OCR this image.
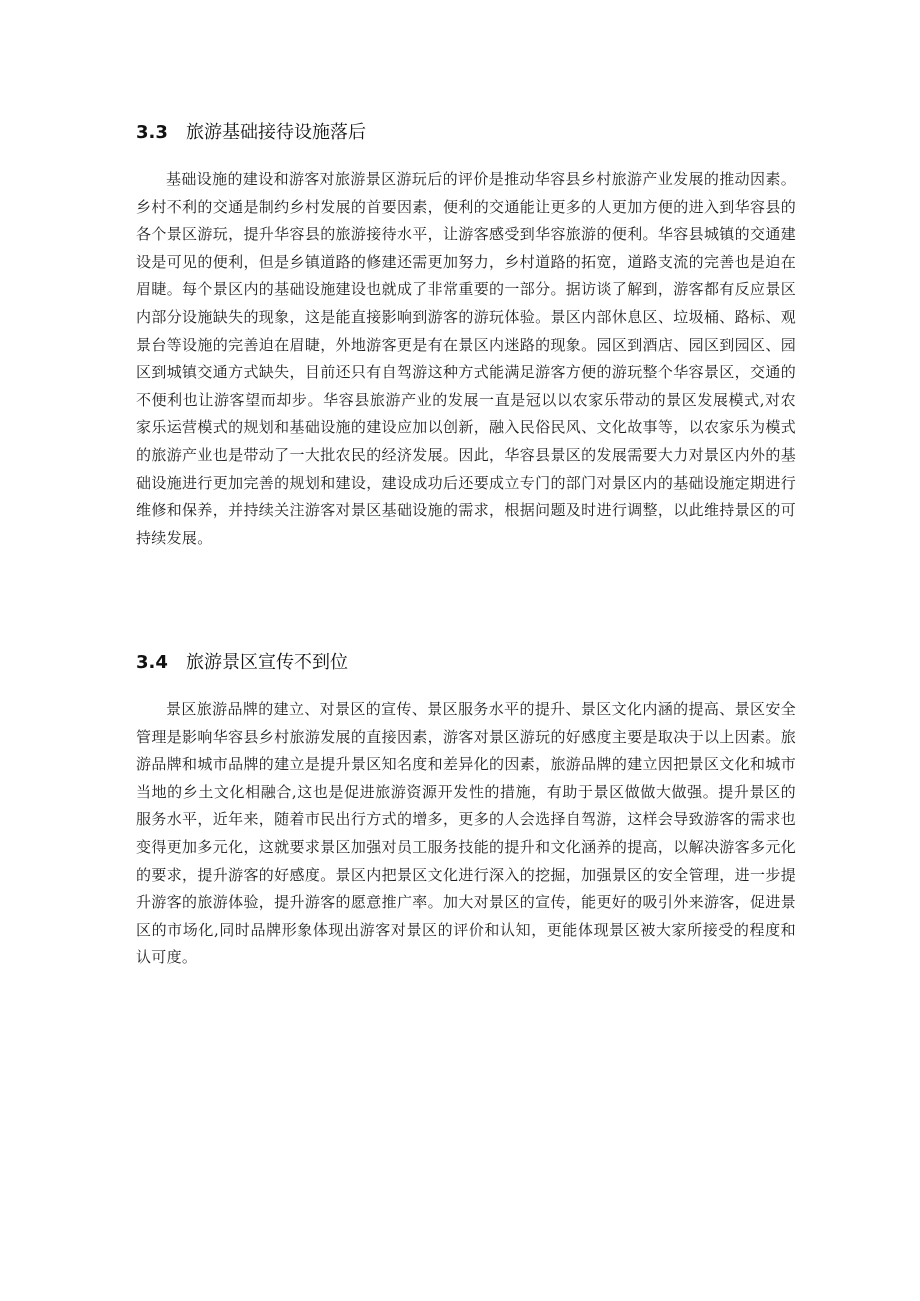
3.3	旅游基础接待设施落后

基础设施的建设和游客对旅游景区游玩后的评价是推动华容县乡村旅游产业发展的推动因素。乡村不利的交通是制约乡村发展的首要因素，便利的交通能让更多的人更加方便的进入到华容县的各个景区游玩，提升华容县的旅游接待水平，让游客感受到华容旅游的便利。华容县城镇的交通建设是可见的便利，但是乡镇道路的修建还需更加努力，乡村道路的拓宽，道路支流的完善也是迫在眉睫。每个景区内的基础设施建设也就成了非常重要的一部分。据访谈了解到，游客都有反应景区内部分设施缺失的现象，这是能直接影响到游客的游玩体验。景区内部休息区、垃圾桶、路标、观景台等设施的完善迫在眉睫，外地游客更是有在景区内迷路的现象。园区到酒店、园区到园区、园区到城镇交通方式缺失，目前还只有自驾游这种方式能满足游客方便的游玩整个华容景区，交通的不便利也让游客望而却步。华容县旅游产业的发展一直是冠以以农家乐带动的景区发展模式,对农家乐运营模式的规划和基础设施的建设应加以创新，融入民俗民风、文化故事等，以农家乐为模式的旅游产业也是带动了一大批农民的经济发展。因此，华容县景区的发展需要大力对景区内外的基础设施进行更加完善的规划和建设，建设成功后还要成立专门的部门对景区内的基础设施定期进行维修和保养，并持续关注游客对景区基础设施的需求，根据问题及时进行调整，以此维持景区的可持续发展。

3.4	旅游景区宣传不到位

景区旅游品牌的建立、对景区的宣传、景区服务水平的提升、景区文化内涵的提高、景区安全管理是影响华容县乡村旅游发展的直接因素，游客对景区游玩的好感度主要是取决于以上因素。旅游品牌和城市品牌的建立是提升景区知名度和差异化的因素，旅游品牌的建立因把景区文化和城市当地的乡土文化相融合,这也是促进旅游资源开发性的措施，有助于景区做做大做强。提升景区的服务水平，近年来，随着市民出行方式的增多，更多的人会选择自驾游，这样会导致游客的需求也变得更加多元化，这就要求景区加强对员工服务技能的提升和文化涵养的提高，以解决游客多元化的要求，提升游客的好感度。景区内把景区文化进行深入的挖掘，加强景区的安全管理，进一步提升游客的旅游体验，提升游客的愿意推广率。加大对景区的宣传，能更好的吸引外来游客，促进景区的市场化,同时品牌形象体现出游客对景区的评价和认知，更能体现景区被大家所接受的程度和认可度。
